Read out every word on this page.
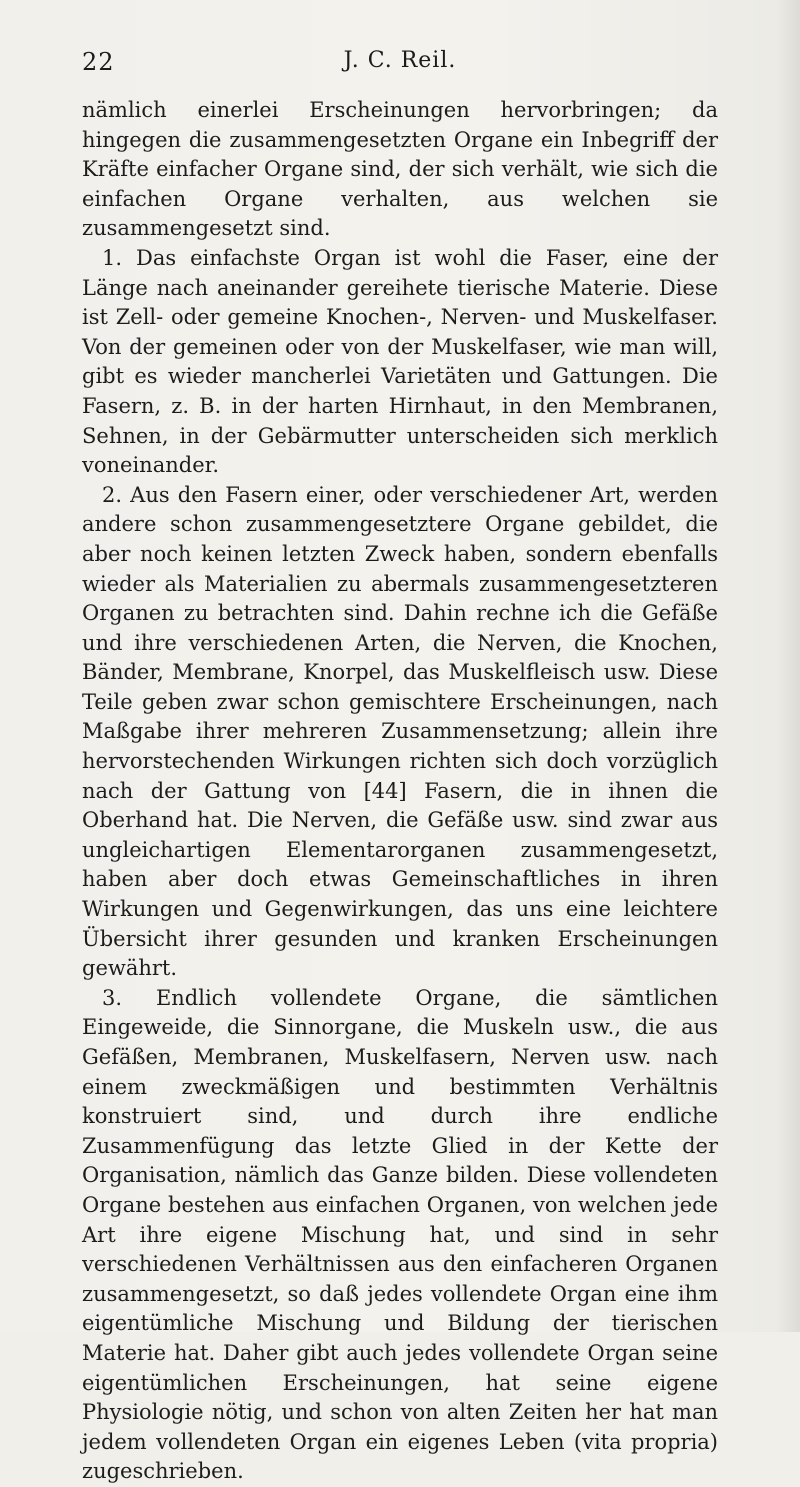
22	J. C. Reil.

nämlich einerlei Erscheinungen hervorbringen; da hingegen die zusammengesetzten Organe ein Inbegriff der Kräfte einfacher Organe sind, der sich verhält, wie sich die einfachen Organe verhalten, aus welchen sie zusammengesetzt sind.

1. Das einfachste Organ ist wohl die Faser, eine der Länge nach aneinander gereihete tierische Materie. Diese ist Zell- oder gemeine Knochen-, Nerven- und Muskelfaser. Von der gemeinen oder von der Muskelfaser, wie man will, gibt es wieder mancherlei Varietäten und Gattungen. Die Fasern, z. B. in der harten Hirnhaut, in den Membranen, Sehnen, in der Gebärmutter unterscheiden sich merklich voneinander.

2. Aus den Fasern einer, oder verschiedener Art, werden andere schon zusammengesetztere Organe gebildet, die aber noch keinen letzten Zweck haben, sondern ebenfalls wieder als Materialien zu abermals zusammengesetzteren Organen zu betrachten sind. Dahin rechne ich die Gefäße und ihre verschiedenen Arten, die Nerven, die Knochen, Bänder, Membrane, Knorpel, das Muskelfleisch usw. Diese Teile geben zwar schon gemischtere Erscheinungen, nach Maßgabe ihrer mehreren Zusammensetzung; allein ihre hervorstechenden Wirkungen richten sich doch vorzüglich nach der Gattung von [44] Fasern, die in ihnen die Oberhand hat. Die Nerven, die Gefäße usw. sind zwar aus ungleichartigen Elementarorganen zusammengesetzt, haben aber doch etwas Gemeinschaftliches in ihren Wirkungen und Gegenwirkungen, das uns eine leichtere Übersicht ihrer gesunden und kranken Erscheinungen gewährt.

3. Endlich vollendete Organe, die sämtlichen Eingeweide, die Sinnorgane, die Muskeln usw., die aus Gefäßen, Membranen, Muskelfasern, Nerven usw. nach einem zweckmäßigen und bestimmten Verhältnis konstruiert sind, und durch ihre endliche Zusammenfügung das letzte Glied in der Kette der Organisation, nämlich das Ganze bilden. Diese vollendeten Organe bestehen aus einfachen Organen, von welchen jede Art ihre eigene Mischung hat, und sind in sehr verschiedenen Verhältnissen aus den einfacheren Organen zusammengesetzt, so daß jedes vollendete Organ eine ihm eigentümliche Mischung und Bildung der tierischen Materie hat. Daher gibt auch jedes vollendete Organ seine eigentümlichen Erscheinungen, hat seine eigene Physiologie nötig, und schon von alten Zeiten her hat man jedem vollendeten Organ ein eigenes Leben (vita propria) zugeschrieben.
